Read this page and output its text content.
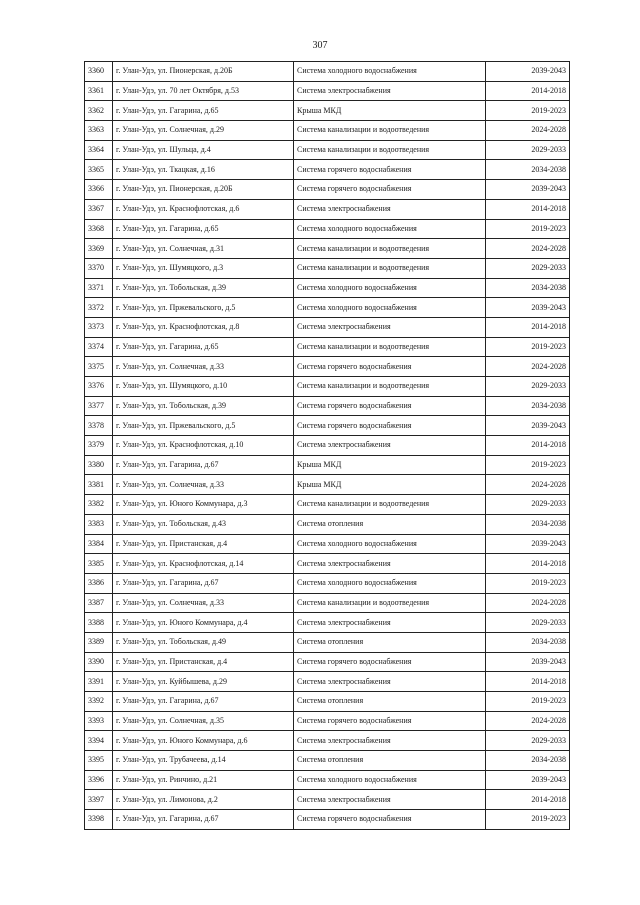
307
3360	г. Улан-Удэ, ул. Пионерская, д.20Б	Система холодного водоснабжения	2039-2043
3361	г. Улан-Удэ, ул. 70 лет Октября, д.53	Система электроснабжения	2014-2018
3362	г. Улан-Удэ, ул. Гагарина, д.65	Крыша МКД	2019-2023
3363	г. Улан-Удэ, ул. Солнечная, д.29	Система канализации и водоотведения	2024-2028
3364	г. Улан-Удэ, ул. Шульца, д.4	Система канализации и водоотведения	2029-2033
3365	г. Улан-Удэ, ул. Ткацкая, д.16	Система горячего водоснабжения	2034-2038
3366	г. Улан-Удэ, ул. Пионерская, д.20Б	Система горячего водоснабжения	2039-2043
3367	г. Улан-Удэ, ул. Краснофлотская, д.6	Система электроснабжения	2014-2018
3368	г. Улан-Удэ, ул. Гагарина, д.65	Система холодного водоснабжения	2019-2023
3369	г. Улан-Удэ, ул. Солнечная, д.31	Система канализации и водоотведения	2024-2028
3370	г. Улан-Удэ, ул. Шумяцкого, д.3	Система канализации и водоотведения	2029-2033
3371	г. Улан-Удэ, ул. Тобольская, д.39	Система холодного водоснабжения	2034-2038
3372	г. Улан-Удэ, ул. Пржевальского, д.5	Система холодного водоснабжения	2039-2043
3373	г. Улан-Удэ, ул. Краснофлотская, д.8	Система электроснабжения	2014-2018
3374	г. Улан-Удэ, ул. Гагарина, д.65	Система канализации и водоотведения	2019-2023
3375	г. Улан-Удэ, ул. Солнечная, д.33	Система горячего водоснабжения	2024-2028
3376	г. Улан-Удэ, ул. Шумяцкого, д.10	Система канализации и водоотведения	2029-2033
3377	г. Улан-Удэ, ул. Тобольская, д.39	Система горячего водоснабжения	2034-2038
3378	г. Улан-Удэ, ул. Пржевальского, д.5	Система горячего водоснабжения	2039-2043
3379	г. Улан-Удэ, ул. Краснофлотская, д.10	Система электроснабжения	2014-2018
3380	г. Улан-Удэ, ул. Гагарина, д.67	Крыша МКД	2019-2023
3381	г. Улан-Удэ, ул. Солнечная, д.33	Крыша МКД	2024-2028
3382	г. Улан-Удэ, ул. Юного Коммунара, д.3	Система канализации и водоотведения	2029-2033
3383	г. Улан-Удэ, ул. Тобольская, д.43	Система отопления	2034-2038
3384	г. Улан-Удэ, ул. Пристанская, д.4	Система холодного водоснабжения	2039-2043
3385	г. Улан-Удэ, ул. Краснофлотская, д.14	Система электроснабжения	2014-2018
3386	г. Улан-Удэ, ул. Гагарина, д.67	Система холодного водоснабжения	2019-2023
3387	г. Улан-Удэ, ул. Солнечная, д.33	Система канализации и водоотведения	2024-2028
3388	г. Улан-Удэ, ул. Юного Коммунара, д.4	Система электроснабжения	2029-2033
3389	г. Улан-Удэ, ул. Тобольская, д.49	Система отопления	2034-2038
3390	г. Улан-Удэ, ул. Пристанская, д.4	Система горячего водоснабжения	2039-2043
3391	г. Улан-Удэ, ул. Куйбышева, д.29	Система электроснабжения	2014-2018
3392	г. Улан-Удэ, ул. Гагарина, д.67	Система отопления	2019-2023
3393	г. Улан-Удэ, ул. Солнечная, д.35	Система горячего водоснабжения	2024-2028
3394	г. Улан-Удэ, ул. Юного Коммунара, д.6	Система электроснабжения	2029-2033
3395	г. Улан-Удэ, ул. Трубачеева, д.14	Система отопления	2034-2038
3396	г. Улан-Удэ, ул. Ринчино, д.21	Система холодного водоснабжения	2039-2043
3397	г. Улан-Удэ, ул. Лимонова, д.2	Система электроснабжения	2014-2018
3398	г. Улан-Удэ, ул. Гагарина, д.67	Система горячего водоснабжения	2019-2023
